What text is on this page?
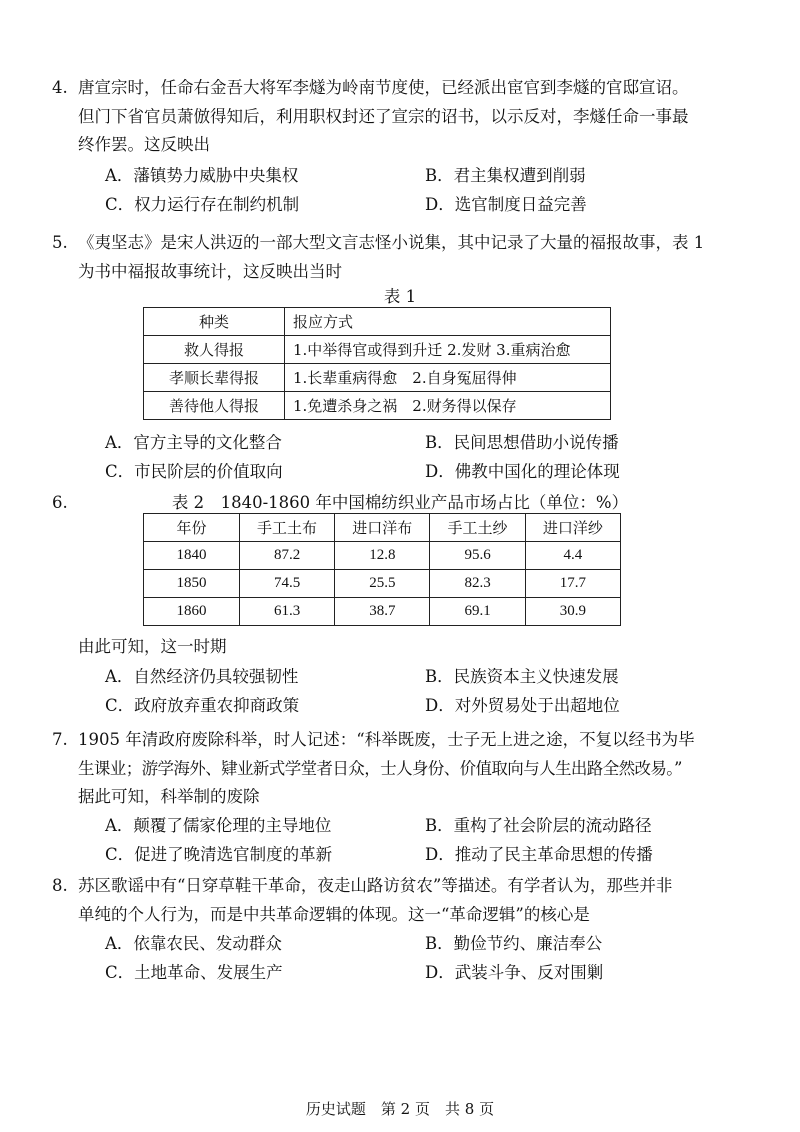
4. 唐宣宗时，任命右金吾大将军李燧为岭南节度使，已经派出宦官到李燧的官邸宣诏。

但门下省官员萧倣得知后，利用职权封还了宣宗的诏书，以示反对，李燧任命一事最

终作罢。这反映出

A．藩镇势力威胁中央集权	B．君主集权遭到削弱
C．权力运行存在制约机制	D．选官制度日益完善
5. 《夷坚志》是宋人洪迈的一部大型文言志怪小说集，其中记录了大量的福报故事，表 1

为书中福报故事统计，这反映出当时

表 1
种类	报应方式
救人得报	1.中举得官或得到升迁 2.发财 3.重病治愈
孝顺长辈得报	1.长辈重病得愈　2.自身冤屈得伸
善待他人得报	1.免遭杀身之祸　2.财务得以保存
A．官方主导的文化整合	B．民间思想借助小说传播
C．市民阶层的价值取向	D．佛教中国化的理论体现
6.	表 2　1840-1860 年中国棉纺织业产品市场占比（单位：%）
年份	手工土布	进口洋布	手工土纱	进口洋纱
1840	87.2	12.8	95.6	4.4
1850	74.5	25.5	82.3	17.7
1860	61.3	38.7	69.1	30.9

由此可知，这一时期

A．自然经济仍具较强韧性	B．民族资本主义快速发展
C．政府放弃重农抑商政策	D．对外贸易处于出超地位
7. 1905 年清政府废除科举，时人记述：“科举既废，士子无上进之途，不复以经书为毕

生课业；游学海外、肄业新式学堂者日众，士人身份、价值取向与人生出路全然改易。”

据此可知，科举制的废除

A．颠覆了儒家伦理的主导地位	B．重构了社会阶层的流动路径
C．促进了晚清选官制度的革新	D．推动了民主革命思想的传播
8. 苏区歌谣中有“日穿草鞋干革命，夜走山路访贫农”等描述。有学者认为，那些并非

单纯的个人行为，而是中共革命逻辑的体现。这一“革命逻辑”的核心是

A．依靠农民、发动群众	B．勤俭节约、廉洁奉公
C．土地革命、发展生产	D．武装斗争、反对围剿
历史试题　第 2 页　共 8 页
